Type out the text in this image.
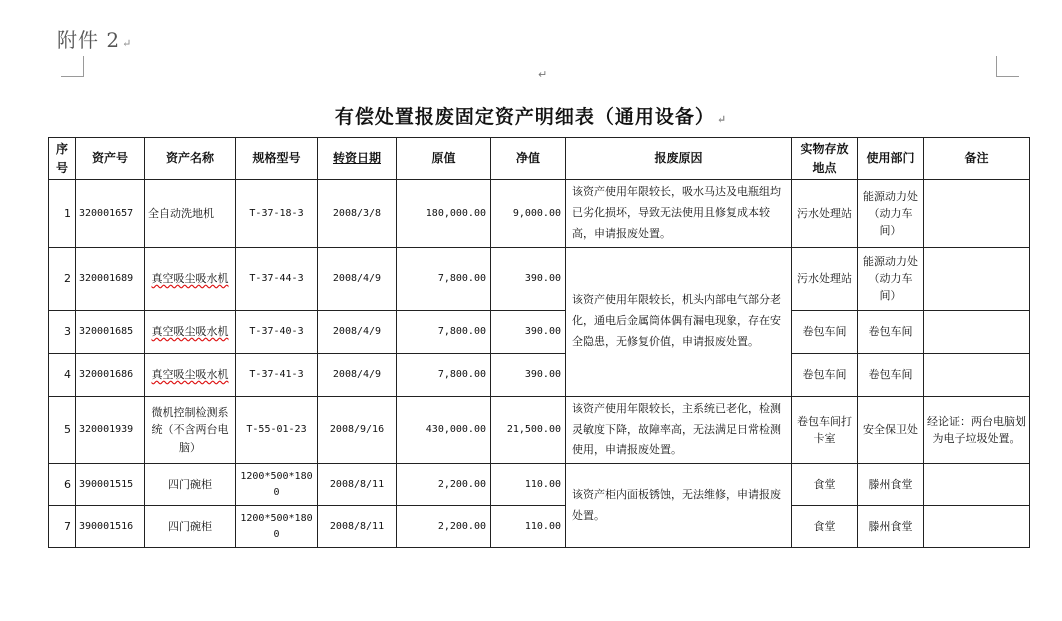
附件 2 ↵
↵
有偿处置报废固定资产明细表（通用设备） ↵
序号	资产号	资产名称	规格型号	转资日期	原值	净值	报废原因	实物存放地点	使用部门	备注
1	320001657	全自动洗地机	T-37-18-3	2008/3/8	180,000.00	9,000.00	该资产使用年限较长，吸水马达及电瓶组均已劣化损坏，导致无法使用且修复成本较高，申请报废处置。	污水处理站	能源动力处（动力车间）	
2	320001689	真空吸尘吸水机	T-37-44-3	2008/4/9	7,800.00	390.00	该资产使用年限较长，机头内部电气部分老化，通电后金属筒体偶有漏电现象，存在安全隐患，无修复价值，申请报废处置。	污水处理站	能源动力处（动力车间）	
3	320001685	真空吸尘吸水机	T-37-40-3	2008/4/9	7,800.00	390.00		卷包车间	卷包车间	
4	320001686	真空吸尘吸水机	T-37-41-3	2008/4/9	7,800.00	390.00		卷包车间	卷包车间	
5	320001939	微机控制检测系统（不含两台电脑）	T-55-01-23	2008/9/16	430,000.00	21,500.00	该资产使用年限较长，主系统已老化，检测灵敏度下降，故障率高，无法满足日常检测使用，申请报废处置。	卷包车间打卡室	安全保卫处	经论证：两台电脑划为电子垃圾处置。
6	390001515	四门碗柜	1200*500*1800	2008/8/11	2,200.00	110.00	该资产柜内面板锈蚀，无法维修，申请报废处置。	食堂	滕州食堂	
7	390001516	四门碗柜	1200*500*1800	2008/8/11	2,200.00	110.00		食堂	滕州食堂	
